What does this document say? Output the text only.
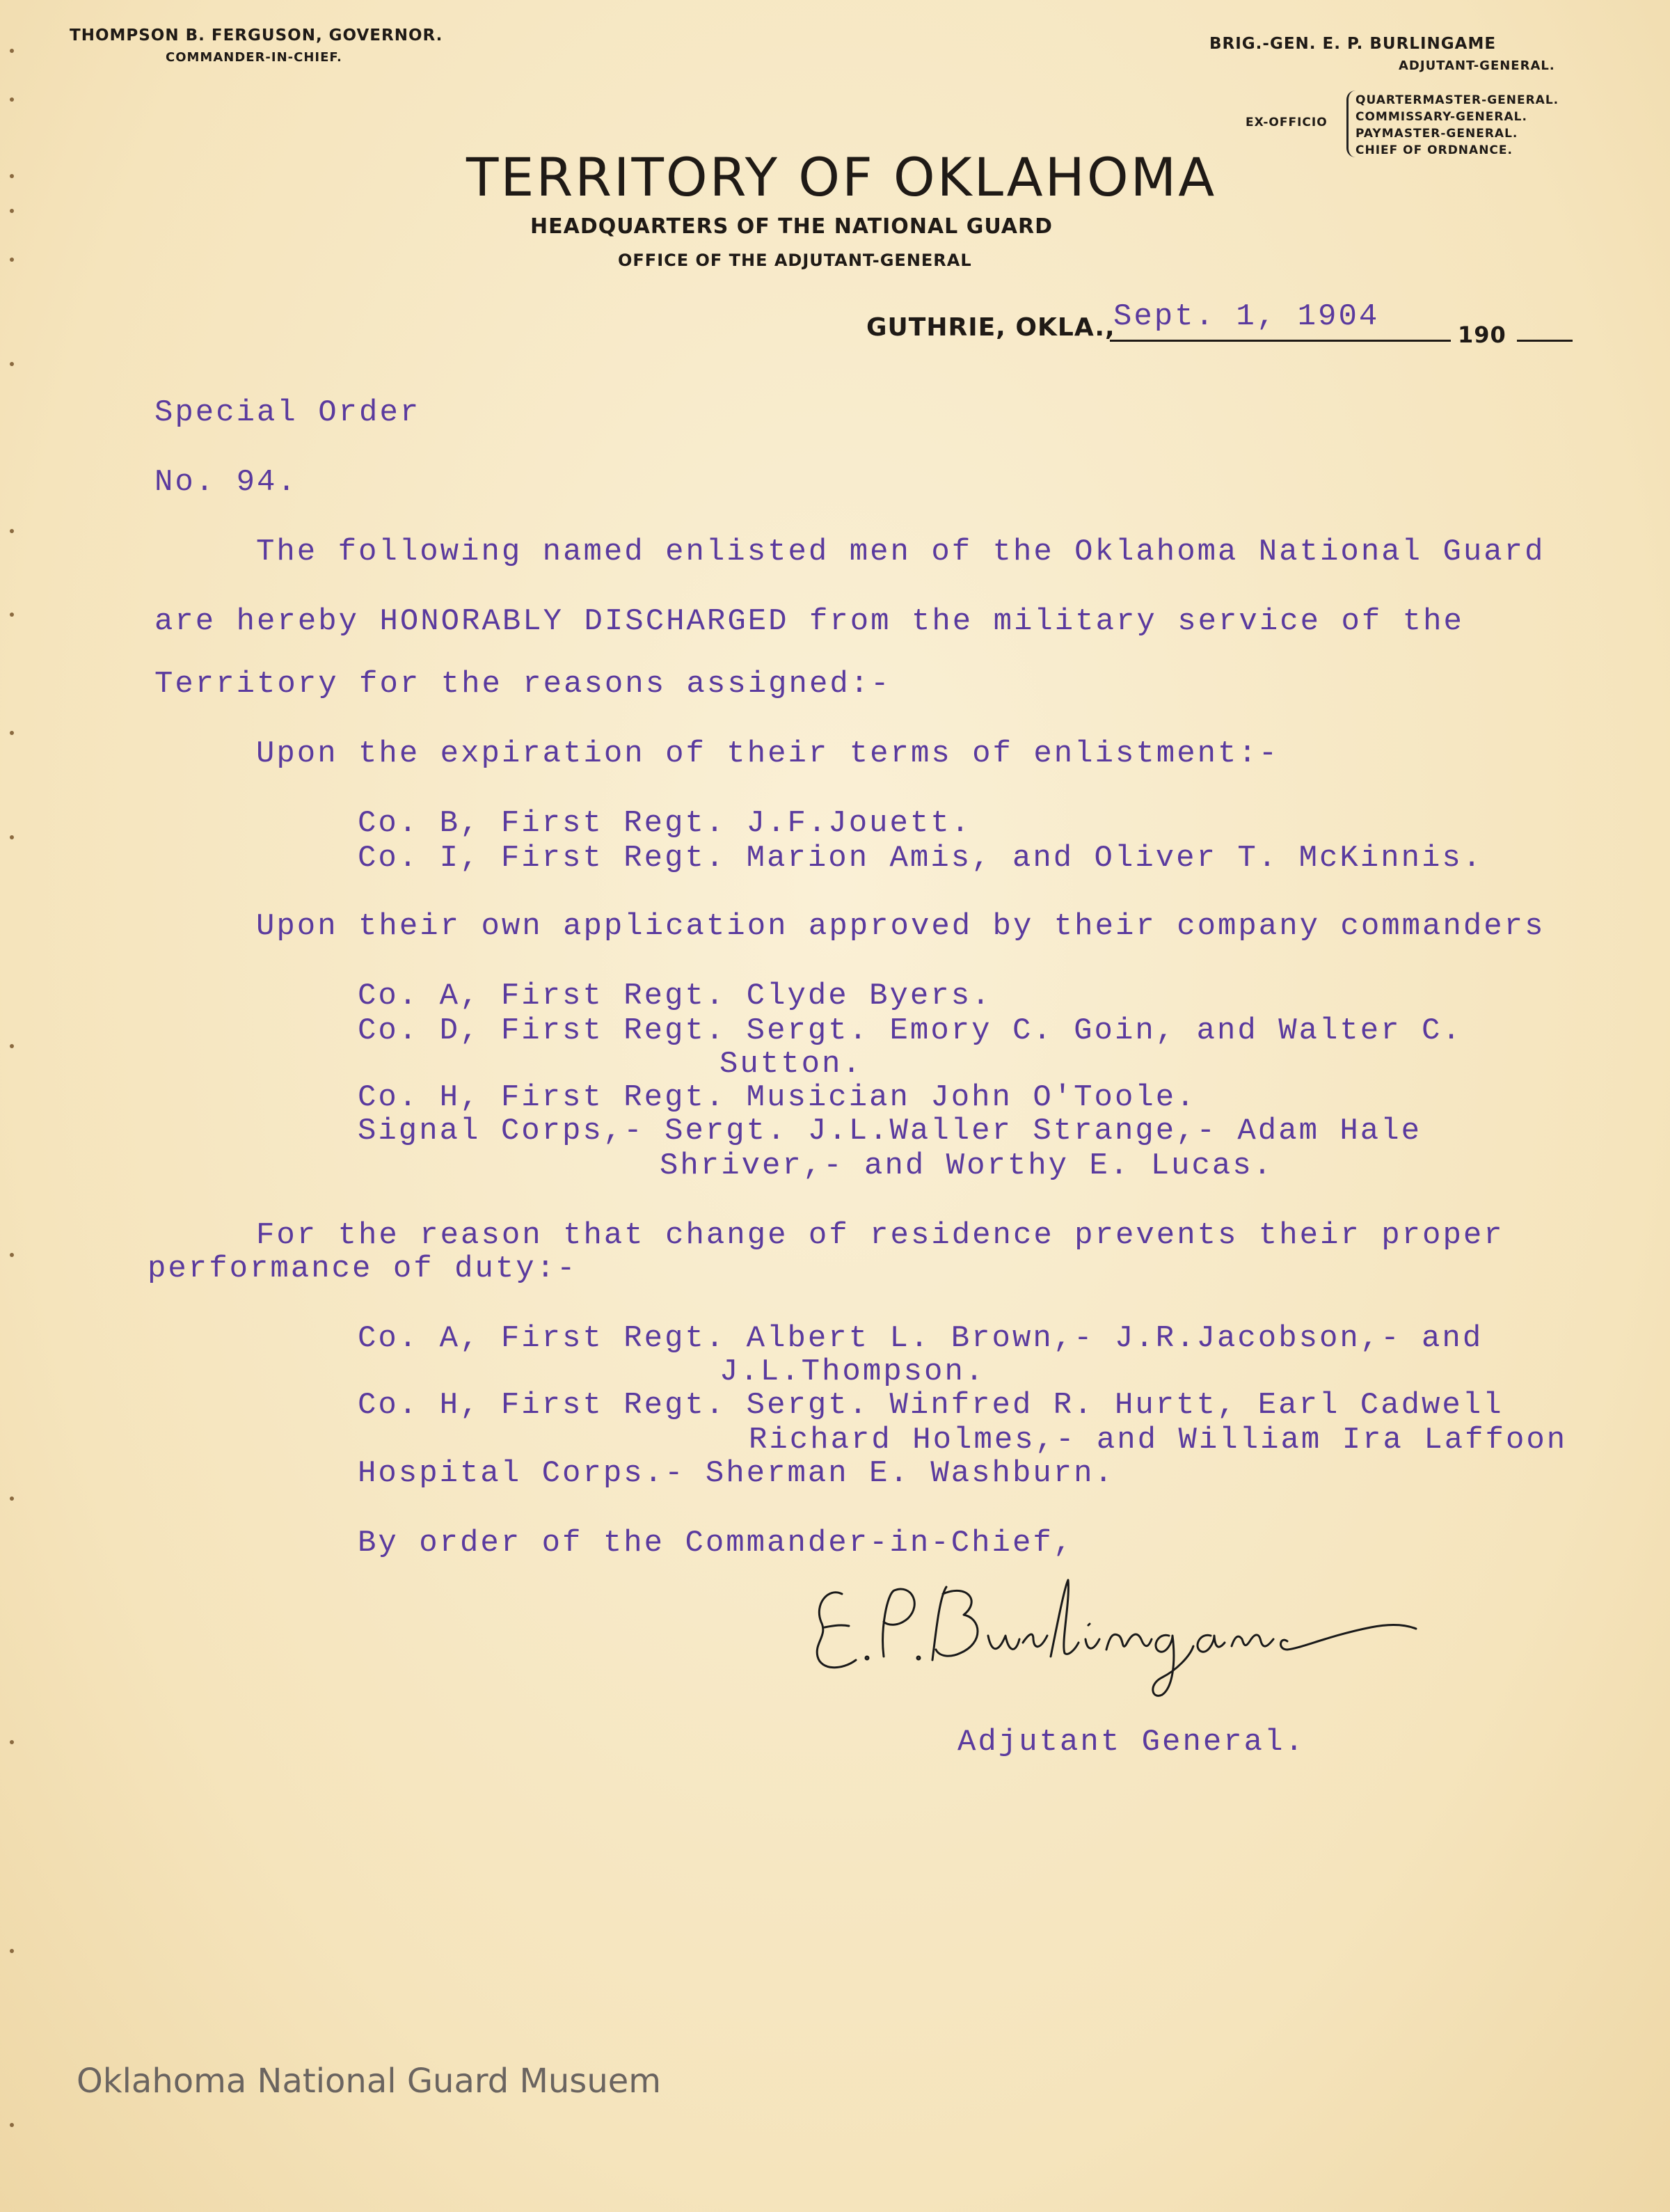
THOMPSON B. FERGUSON, GOVERNOR.
COMMANDER-IN-CHIEF.
BRIG.-GEN. E. P. BURLINGAME
ADJUTANT-GENERAL.
EX-OFFICIO
QUARTERMASTER-GENERAL.
COMMISSARY-GENERAL.
PAYMASTER-GENERAL.
CHIEF OF ORDNANCE.
TERRITORY OF OKLAHOMA
HEADQUARTERS OF THE NATIONAL GUARD
OFFICE OF THE ADJUTANT-GENERAL
GUTHRIE, OKLA.,
Sept. 1, 1904
190
Special Order
No. 94.
The following named enlisted men of the Oklahoma National Guard
are hereby HONORABLY DISCHARGED from the military service of the
Territory for the reasons assigned:-
Upon the expiration of their terms of enlistment:-
Co. B, First Regt. J.F.Jouett.
Co. I, First Regt. Marion Amis, and Oliver T. McKinnis.
Upon their own application approved by their company commanders
Co. A, First Regt. Clyde Byers.
Co. D, First Regt. Sergt. Emory C. Goin, and Walter C.
Sutton.
Co. H, First Regt. Musician John O'Toole.
Signal Corps,- Sergt. J.L.Waller Strange,- Adam Hale
Shriver,- and Worthy E. Lucas.
For the reason that change of residence prevents their proper
performance of duty:-
Co. A, First Regt. Albert L. Brown,- J.R.Jacobson,- and
J.L.Thompson.
Co. H, First Regt. Sergt. Winfred R. Hurtt, Earl Cadwell
Richard Holmes,- and William Ira Laffoon
Hospital Corps.- Sherman E. Washburn.
By order of the Commander-in-Chief,
Adjutant General.
Oklahoma National Guard Musuem
